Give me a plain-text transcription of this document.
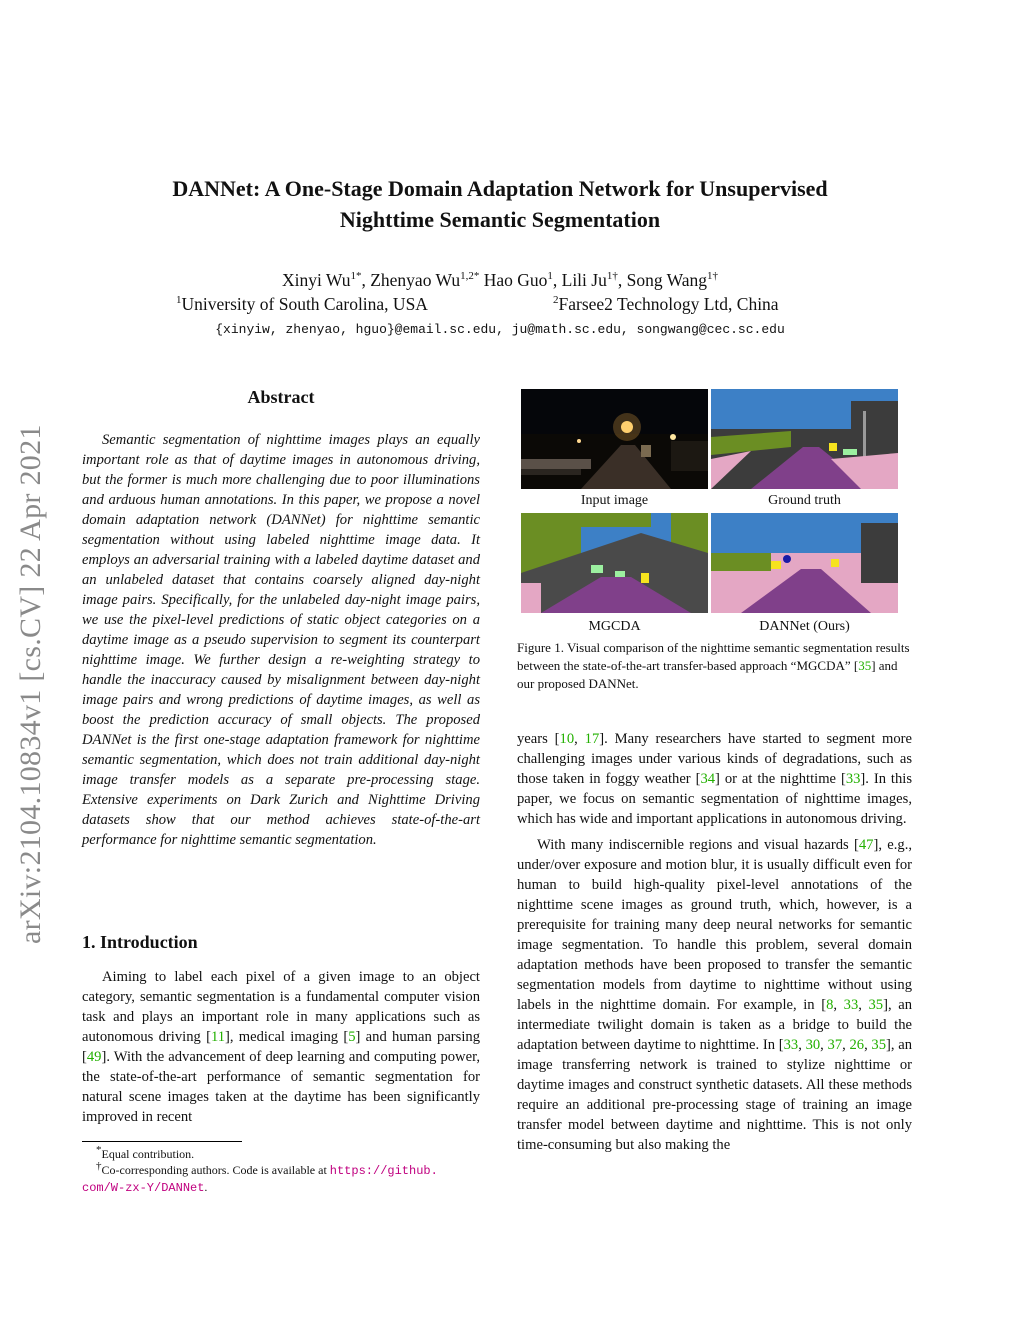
arXiv:2104.10834v1 [cs.CV] 22 Apr 2021
DANNet: A One-Stage Domain Adaptation Network for Unsupervised
Nighttime Semantic Segmentation
Xinyi $Wu^{1*}$, Zhenyao $Wu^{1,2*}$ Hao Guo$^1$, Lili $Ju^{1\dagger}$, Song Wang$^{1\dagger}$
$^1$University of South Carolina, USA	$^2$Farsee2 Technology Ltd, China
{xinyiw, zhenyao, hguo}@email.sc.edu, ju@math.sc.edu, songwang@cec.sc.edu
Abstract
Semantic segmentation of nighttime images plays an equally important role as that of daytime images in autonomous driving, but the former is much more challenging due to poor illuminations and arduous human annotations. In this paper, we propose a novel domain adaptation network (DANNet) for nighttime semantic segmentation without using labeled nighttime image data. It employs an adversarial training with a labeled daytime dataset and an unlabeled dataset that contains coarsely aligned day-night image pairs. Specifically, for the unlabeled day-night image pairs, we use the pixel-level predictions of static object categories on a daytime image as a pseudo supervision to segment its counterpart nighttime image. We further design a re-weighting strategy to handle the inaccuracy caused by misalignment between day-night image pairs and wrong predictions of daytime images, as well as boost the prediction accuracy of small objects. The proposed DANNet is the first one-stage adaptation framework for nighttime semantic segmentation, which does not train additional day-night image transfer models as a separate pre-processing stage. Extensive experiments on Dark Zurich and Nighttime Driving datasets show that our method achieves state-of-the-art performance for nighttime semantic segmentation.
1. Introduction
Aiming to label each pixel of a given image to an object category, semantic segmentation is a fundamental computer vision task and plays an important role in many applications such as autonomous driving [11], medical imaging [5] and human parsing [49]. With the advancement of deep learning and computing power, the state-of-the-art performance of semantic segmentation for natural scene images taken at the daytime has been significantly improved in recent
*Equal contribution.
†Co-corresponding authors. Code is available at https://github. com/W-zx-Y/DANNet.
Input image	Ground truth
MGCDA	DANNet (Ours)
Figure 1. Visual comparison of the nighttime semantic segmentation results between the state-of-the-art transfer-based approach “MGCDA” [35] and our proposed DANNet.

years [10, 17]. Many researchers have started to segment more challenging images under various kinds of degradations, such as those taken in foggy weather [34] or at the nighttime [33]. In this paper, we focus on semantic segmentation of nighttime images, which has wide and important applications in autonomous driving.

With many indiscernible regions and visual hazards [47], e.g., under/over exposure and motion blur, it is usually difficult even for human to build high-quality pixel-level annotations of the nighttime scene images as ground truth, which, however, is a prerequisite for training many deep neural networks for semantic image segmentation. To handle this problem, several domain adaptation methods have been proposed to transfer the semantic segmentation models from daytime to nighttime without using labels in the nighttime domain. For example, in [8, 33, 35], an intermediate twilight domain is taken as a bridge to build the adaptation between daytime to nighttime. In [33, 30, 37, 26, 35], an image transferring network is trained to stylize nighttime or daytime images and construct synthetic datasets. All these methods require an additional pre-processing stage of training an image transfer model between daytime and nighttime. This is not only time-consuming but also making the
